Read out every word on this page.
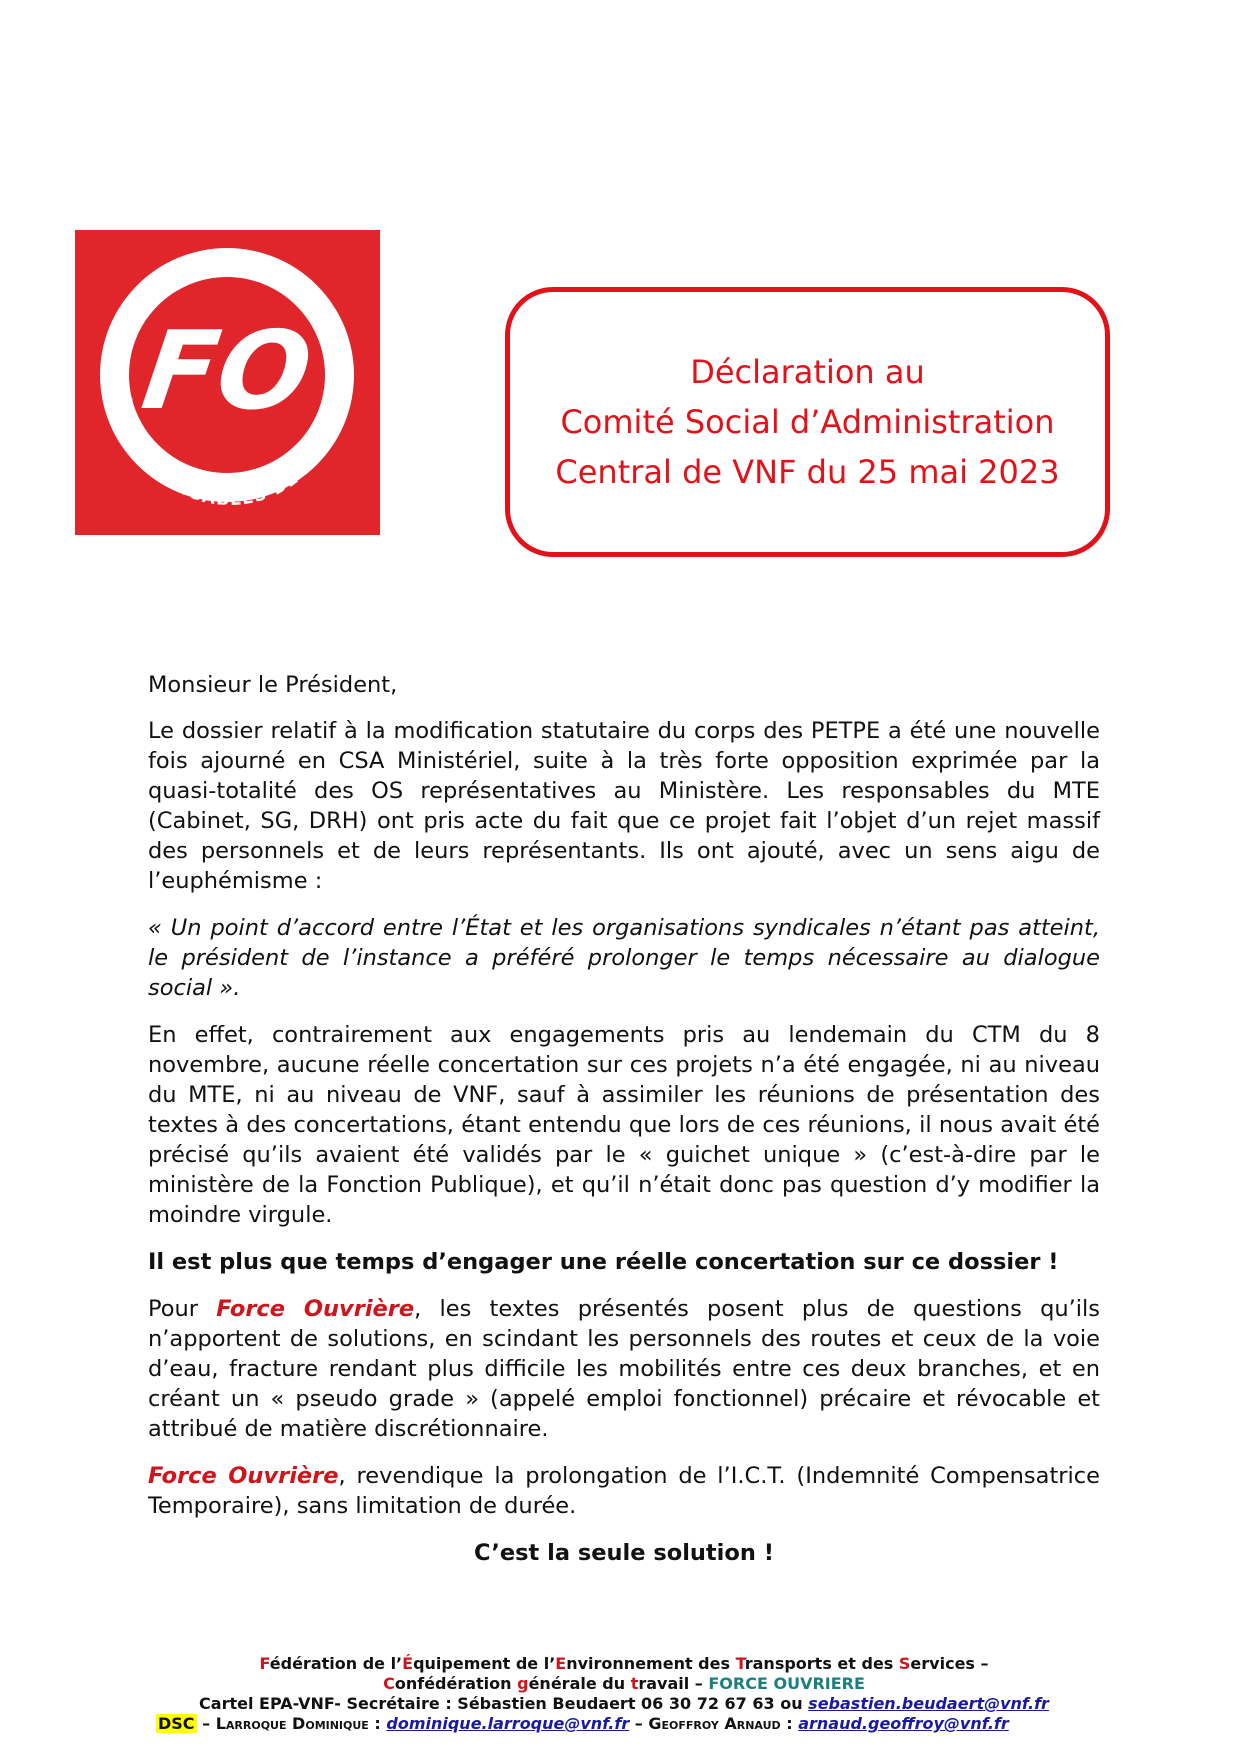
FO
VOIES NAVIGABLES DE FRANCE
Déclaration au
Comité Social d’Administration
Central de VNF du 25 mai 2023

Monsieur le Président,

Le dossier relatif à la modification statutaire du corps des PETPE a été une nouvelle fois ajourné en CSA Ministériel, suite à la très forte opposition exprimée par la quasi-totalité des OS représentatives au Ministère. Les responsables du MTE (Cabinet, SG, DRH) ont pris acte du fait que ce projet fait l’objet d’un rejet massif des personnels et de leurs représentants. Ils ont ajouté, avec un sens aigu de l’euphémisme :

« Un point d’accord entre l’État et les organisations syndicales n’étant pas atteint, le président de l’instance a préféré prolonger le temps nécessaire au dialogue social ».

En effet, contrairement aux engagements pris au lendemain du CTM du 8 novembre, aucune réelle concertation sur ces projets n’a été engagée, ni au niveau du MTE, ni au niveau de VNF, sauf à assimiler les réunions de présentation des textes à des concertations, étant entendu que lors de ces réunions, il nous avait été précisé qu’ils avaient été validés par le « guichet unique » (c’est-à-dire par le ministère de la Fonction Publique), et qu’il n’était donc pas question d’y modifier la moindre virgule.

Il est plus que temps d’engager une réelle concertation sur ce dossier !

Pour Force Ouvrière, les textes présentés posent plus de questions qu’ils n’apportent de solutions, en scindant les personnels des routes et ceux de la voie d’eau, fracture rendant plus difficile les mobilités entre ces deux branches, et en créant un « pseudo grade » (appelé emploi fonctionnel) précaire et révocable et attribué de matière discrétionnaire.

Force Ouvrière, revendique la prolongation de l’I.C.T. (Indemnité Compensatrice Temporaire), sans limitation de durée.

C’est la seule solution !

Fédération de l’Équipement de l’Environnement des Transports et des Services –
Confédération générale du travail – FORCE OUVRIERE
Cartel EPA-VNF- Secrétaire : Sébastien Beudaert 06 30 72 67 63 ou sebastien.beudaert@vnf.fr
DSC – Larroque Dominique : dominique.larroque@vnf.fr – Geoffroy Arnaud : arnaud.geoffroy@vnf.fr
